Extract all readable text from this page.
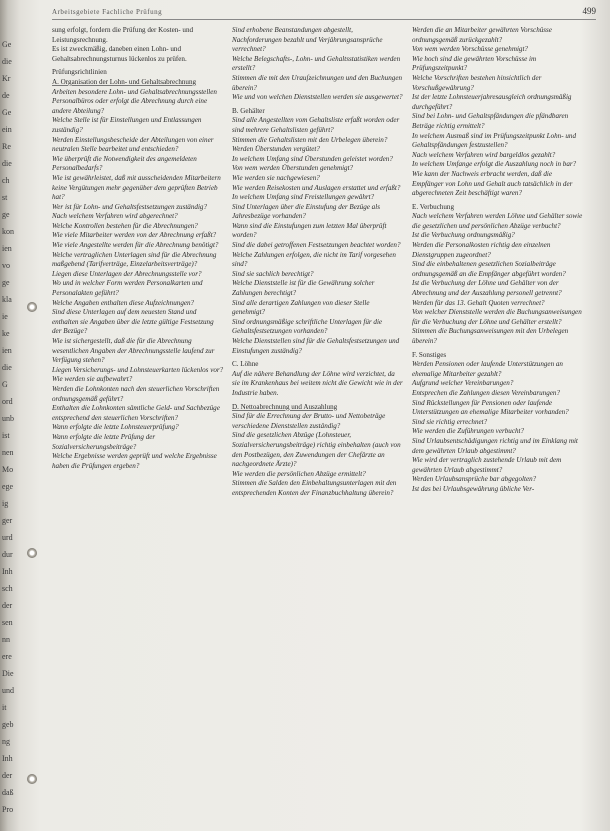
Ge
die
Kr
de
Ge
ein
Re
die
ch
st
ge
kon
ien
vo
ge
kla
ie
ke
ien
die
G
ord
unb
ist
nen
Mo
ege
ig
ger
urd
dur
Inh
sch
der
sen
nn
ere
Die
und
it
geb
ng
Inh
der
daß
Pro
Arbeitsgebiete Fachliche Prüfung	499

sung erfolgt, fordern die Prüfung der Kosten- und Leistungsrechnung.

Es ist zweckmäßig, daneben einen Lohn- und Gehaltsabrechnungsturnus lückenlos zu prüfen.

Prüfungsrichtlinien

A. Organisation der Lohn- und Gehaltsabrechnung

Arbeiten besondere Lohn- und Gehaltsabrechnungsstellen Personalbüros oder erfolgt die Abrechnung durch eine andere Abteilung?

Welche Stelle ist für Einstellungen und Entlassungen zuständig?

Werden Einstellungsbescheide der Abteilungen von einer neutralen Stelle bearbeitet und entschieden?

Wie überprüft die Notwendigkeit des angemeldeten Personalbedarfs?

Wie ist gewährleistet, daß mit ausscheidenden Mitarbeitern keine Vergütungen mehr gegenüber dem geprüften Betrieb hat?

Wer ist für Lohn- und Gehaltsfestsetzungen zuständig?

Nach welchem Verfahren wird abgerechnet?

Welche Kontrollen bestehen für die Abrechnungen?

Wie viele Mitarbeiter werden von der Abrechnung erfaßt?

Wie viele Angestellte werden für die Abrechnung benötigt?

Welche vertraglichen Unterlagen sind für die Abrechnung maßgebend (Tarifverträge, Einzelarbeitsverträge)?

Liegen diese Unterlagen der Abrechnungsstelle vor?

Wo und in welcher Form werden Personalkarten und Personalakten geführt?

Welche Angaben enthalten diese Aufzeichnungen?

Sind diese Unterlagen auf dem neuesten Stand und enthalten sie Angaben über die letzte gültige Festsetzung der Bezüge?

Wie ist sichergestellt, daß die für die Abrechnung wesentlichen Angaben der Abrechnungsstelle laufend zur Verfügung stehen?

Liegen Versicherungs- und Lohnsteuerkarten lückenlos vor?

Wie werden sie aufbewahrt?

Werden die Lohnkonten nach den steuerlichen Vorschriften ordnungsgemäß geführt?

Enthalten die Lohnkonten sämtliche Geld- und Sachbezüge entsprechend den steuerlichen Vorschriften?

Wann erfolgte die letzte Lohnsteuerprüfung?

Wann erfolgte die letzte Prüfung der Sozialversicherungsbeiträge?

Welche Ergebnisse werden geprüft und welche Ergebnisse haben die Prüfungen ergeben?

Sind erhobene Beanstandungen abgestellt, Nachforderungen bezahlt und Verjährungsansprüche verrechnet?

Welche Belegschafts-, Lohn- und Gehaltsstatistiken werden erstellt?

Stimmen die mit den Urauſzeichnungen und den Buchungen überein?

Wie und von welchen Dienststellen werden sie ausgewertet?

B. Gehälter

Sind alle Angestellten vom Gehaltsliste erfaßt worden oder sind mehrere Gehaltslisten geführt?

Stimmen die Gehaltslisten mit den Urbelegen überein?

Werden Überstunden vergütet?

In welchem Umfang sind Überstunden geleistet worden?

Von wem werden Überstunden genehmigt?

Wie werden sie nachgewiesen?

Wie werden Reisekosten und Auslagen erstattet und erfaßt?

In welchem Umfang sind Freistellungen gewährt?

Sind Unterlagen über die Einstufung der Bezüge als Jahresbezüge vorhanden?

Wann sind die Einstufungen zum letzten Mal überprüft worden?

Sind die dabei getroffenen Festsetzungen beachtet worden?

Welche Zahlungen erfolgen, die nicht im Tarif vorgesehen sind?

Sind sie sachlich berechtigt?

Welche Dienststelle ist für die Gewährung solcher Zahlungen berechtigt?

Sind alle derartigen Zahlungen von dieser Stelle genehmigt?

Sind ordnungsmäßige schriftliche Unterlagen für die Gehaltsfestsetzungen vorhanden?

Welche Dienststellen sind für die Gehaltsfestsetzungen und Einstufungen zuständig?

C. Löhne

Auf die nähere Behandlung der Löhne wird verzichtet, da sie im Krankenhaus bei weitem nicht die Gewicht wie in der Industrie haben.

D. Nettoabrechnung und Auszahlung

Sind für die Errechnung der Brutto- und Nettobeträge verschiedene Dienststellen zuständig?

Sind die gesetzlichen Abzüge (Lohnsteuer, Sozialversicherungsbeiträge) richtig einbehalten (auch von den Postbezügen, den Zuwendungen der Chefärzte an nachgeordnete Ärzte)?

Wie werden die persönlichen Abzüge ermittelt?

Stimmen die Salden den Einbehaltungsunterlagen mit den entsprechenden Konten der Finanzbuchhaltung überein?

Werden die an Mitarbeiter gewährten Vorschüsse ordnungsgemäß zurückgezahlt?

Von wem werden Vorschüsse genehmigt?

Wie hoch sind die gewährten Vorschüsse im Prüfungszeitpunkt?

Welche Vorschriften bestehen hinsichtlich der Vorschußgewährung?

Ist der letzte Lohnsteuerjahresausgleich ordnungsmäßig durchgeführt?

Sind bei Lohn- und Gehaltspfändungen die pfändbaren Beträge richtig ermittelt?

In welchem Ausmaß sind im Prüfungszeitpunkt Lohn- und Gehaltspfändungen festzustellen?

Nach welchem Verfahren wird bargeldlos gezahlt?

In welchem Umfange erfolgt die Auszahlung noch in bar?

Wie kann der Nachweis erbracht werden, daß die Empfänger von Lohn und Gehalt auch tatsächlich in der abgerechneten Zeit beschäftigt waren?

E. Verbuchung

Nach welchem Verfahren werden Löhne und Gehälter sowie die gesetzlichen und persönlichen Abzüge verbucht?

Ist die Verbuchung ordnungsmäßig?

Werden die Personalkosten richtig den einzelnen Dienstgruppen zugeordnet?

Sind die einbehaltenen gesetzlichen Sozialbeiträge ordnungsgemäß an die Empfänger abgeführt worden?

Ist die Verbuchung der Löhne und Gehälter von der Abrechnung und der Auszahlung personell getrennt?

Werden für das 13. Gehalt Quoten verrechnet?

Von welcher Dienststelle werden die Buchungsanweisungen für die Verbuchung der Löhne und Gehälter erstellt?

Stimmen die Buchungsanweisungen mit den Urbelegen überein?

F. Sonstiges

Werden Pensionen oder laufende Unterstützungen an ehemalige Mitarbeiter gezahlt?

Aufgrund welcher Vereinbarungen?

Entsprechen die Zahlungen diesen Vereinbarungen?

Sind Rückstellungen für Pensionen oder laufende Unterstützungen an ehemalige Mitarbeiter vorhanden?

Sind sie richtig errechnet?

Wie werden die Zuführungen verbucht?

Sind Urlaubsentschädigungen richtig und im Einklang mit dem gewährten Urlaub abgestimmt?

Wie wird der vertraglich zustehende Urlaub mit dem gewährten Urlaub abgestimmt?

Werden Urlaubsansprüche bar abgegolten?

Ist das bei Urlaubsgewährung übliche Ver-
